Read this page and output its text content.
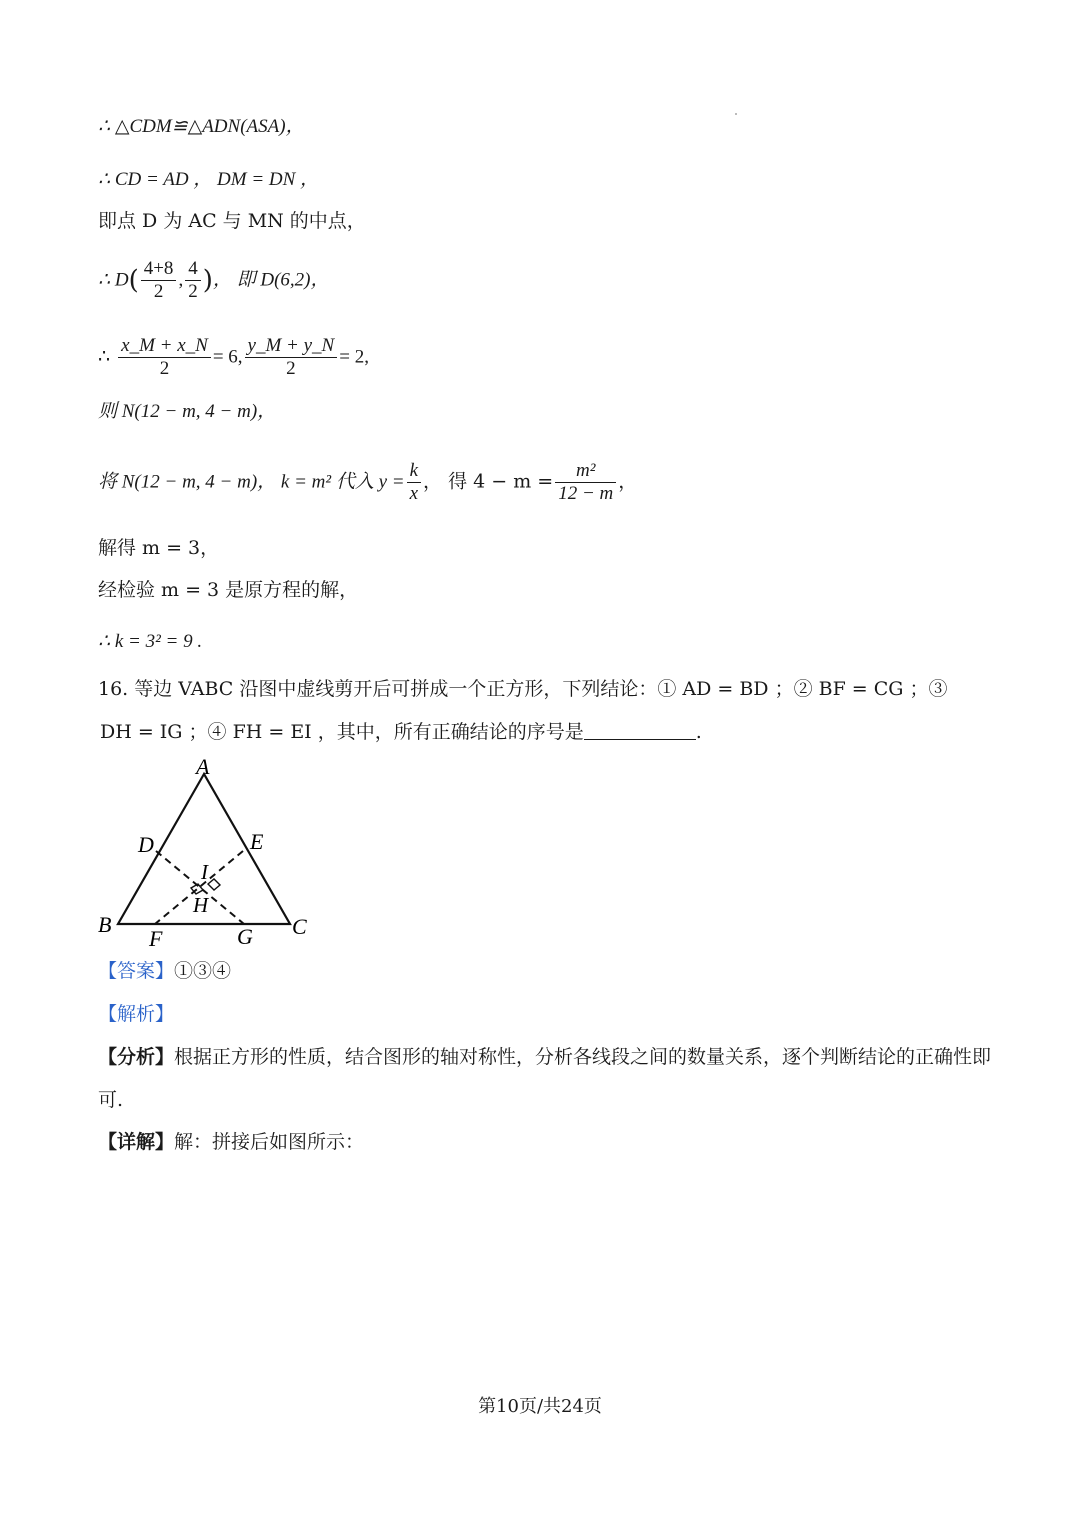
∴ △CDM≌△ADN(ASA)，
∴ CD = AD ， DM = DN ，
即点 D 为 AC 与 MN 的中点，
∴ $D( \frac{4+8}{2}$ , $\frac{4}{2}$ )， 即 D(6,2)，
∴ $\frac{x\_M + x\_N}{2} = 6$, $\frac{y\_M + y\_N}{2} = 2$,
则 N(12 − m, 4 − m)，
将 N(12 − m, 4 − m)， k = m² 代入 $y = \frac{k}{x}$ ， 得 $4 - m = \frac{\text{m²}}{12 - m}$ ，
解得 m = 3，
经检验 m = 3 是原方程的解，
∴ k = 3² = 9 .
16. 等边 VABC 沿图中虚线剪开后可拼成一个正方形，下列结论：① AD = BD ；② BF = CG ；③
DH = IG ；④ FH = EI ，其中，所有正确结论的序号是	.
A
D	E
I
H
B	C
F	G
【答案】①③④
【解析】
【分析】根据正方形的性质，结合图形的轴对称性，分析各线段之间的数量关系，逐个判断结论的正确性即
可.
【详解】解：拼接后如图所示：
第10页/共24页
